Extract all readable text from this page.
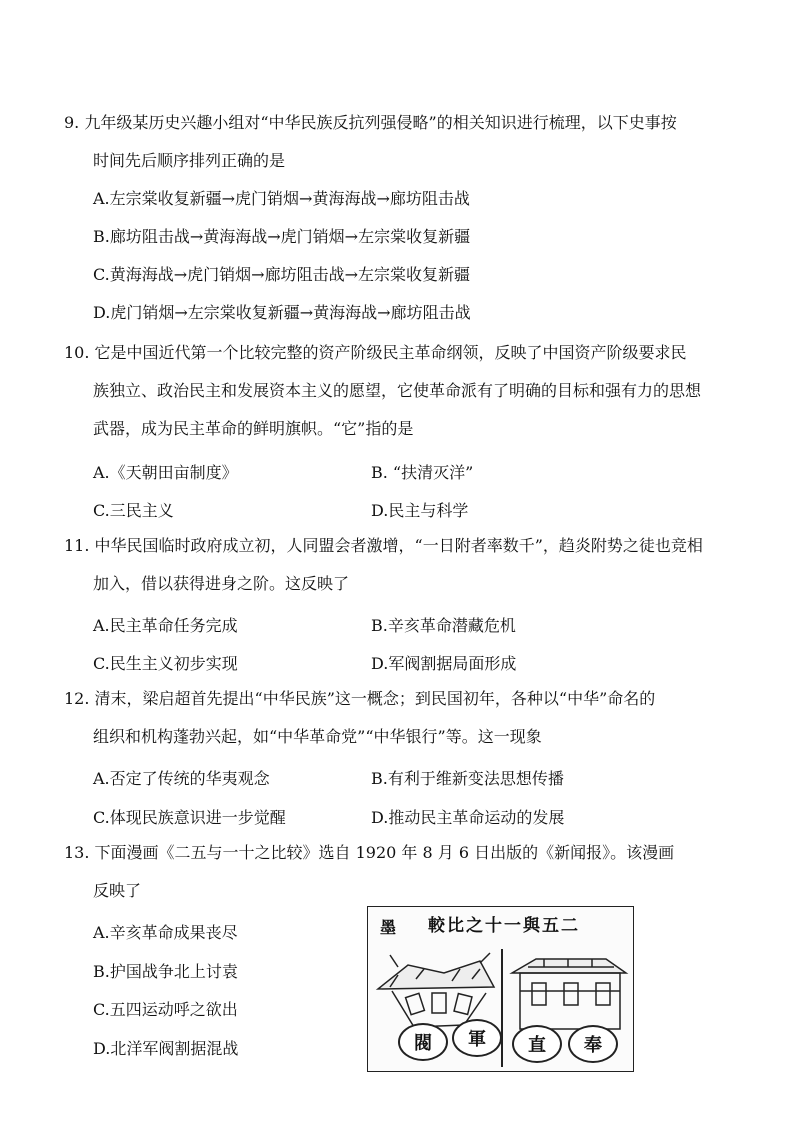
9. 九年级某历史兴趣小组对“中华民族反抗列强侵略”的相关知识进行梳理，以下史事按
时间先后顺序排列正确的是
A.左宗棠收复新疆→虎门销烟→黄海海战→廊坊阻击战
B.廊坊阻击战→黄海海战→虎门销烟→左宗棠收复新疆
C.黄海海战→虎门销烟→廊坊阻击战→左宗棠收复新疆
D.虎门销烟→左宗棠收复新疆→黄海海战→廊坊阻击战
10. 它是中国近代第一个比较完整的资产阶级民主革命纲领，反映了中国资产阶级要求民
族独立、政治民主和发展资本主义的愿望，它使革命派有了明确的目标和强有力的思想
武器，成为民主革命的鲜明旗帜。“它”指的是
A.《天朝田亩制度》	B. “扶清灭洋”
C.三民主义	D.民主与科学
11. 中华民国临时政府成立初，人同盟会者激增，“一日附者率数千”，趋炎附势之徒也竞相
加入，借以获得进身之阶。这反映了
A.民主革命任务完成	B.辛亥革命潜藏危机
C.民生主义初步实现	D.军阀割据局面形成
12. 清末，梁启超首先提出“中华民族”这一概念；到民国初年，各种以“中华”命名的
组织和机构蓬勃兴起，如“中华革命党”“中华银行”等。这一现象
A.否定了传统的华夷观念	B.有利于维新变法思想传播
C.体现民族意识进一步觉醒	D.推动民主革命运动的发展
13. 下面漫画《二五与一十之比较》选自 1920 年 8 月 6 日出版的《新闻报》。该漫画
反映了
A.辛亥革命成果丧尽
B.护国战争北上讨袁
C.五四运动呼之欲出
D.北洋军阀割据混战
墨 較比之十一與五二
閥	軍	直	奉
